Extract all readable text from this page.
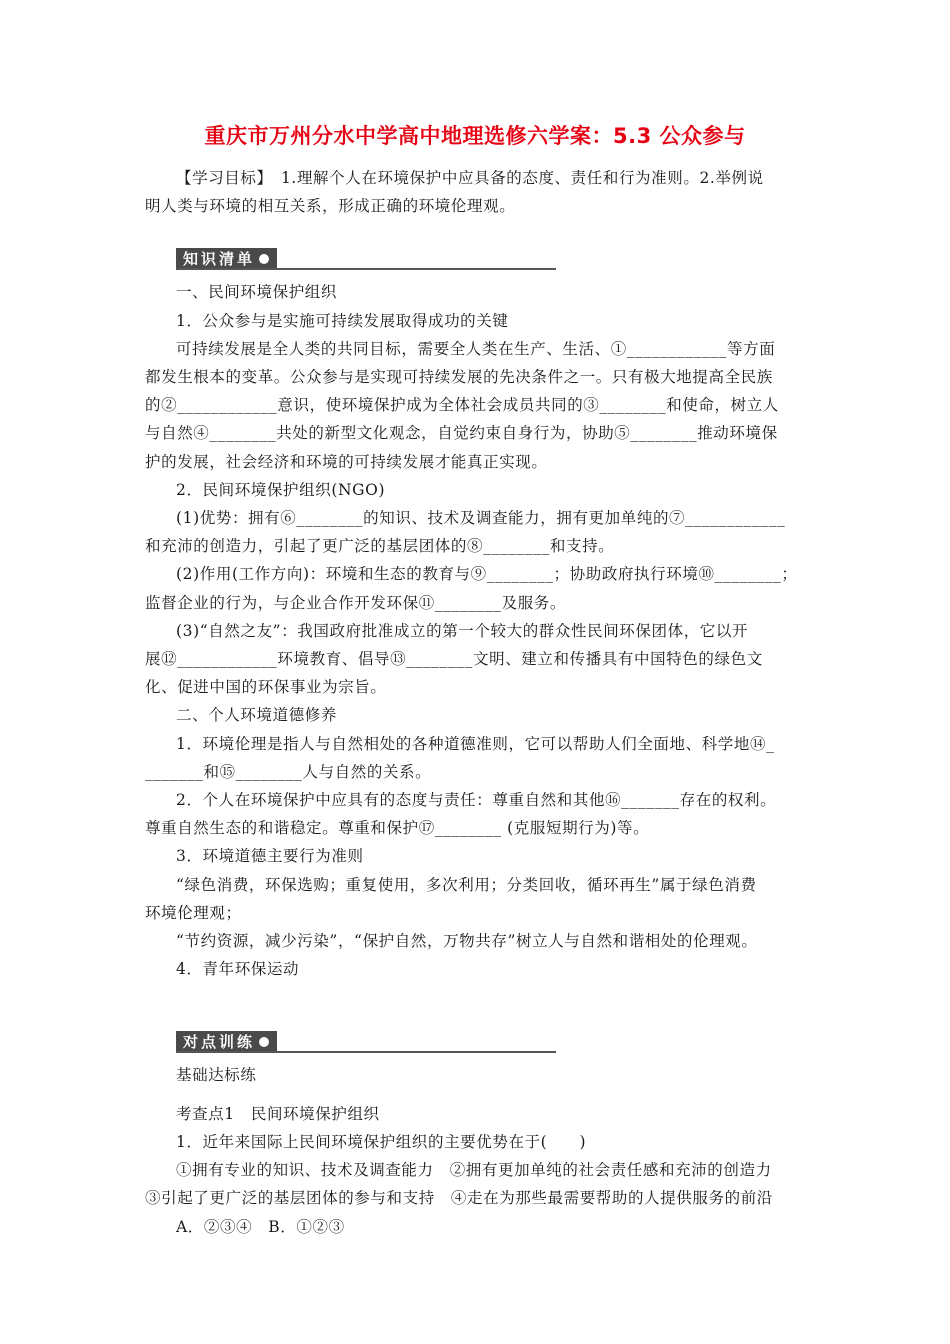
重庆市万州分水中学高中地理选修六学案：5.3 公众参与

【学习目标】　1.理解个人在环境保护中应具备的态度、责任和行为准则。2.举例说

明人类与环境的相互关系，形成正确的环境伦理观。

知识清单

一、民间环境保护组织

1．公众参与是实施可持续发展取得成功的关键

可持续发展是全人类的共同目标，需要全人类在生产、生活、①____________等方面

都发生根本的变革。公众参与是实现可持续发展的先决条件之一。只有极大地提高全民族

的②____________意识，使环境保护成为全体社会成员共同的③________和使命，树立人

与自然④________共处的新型文化观念，自觉约束自身行为，协助⑤________推动环境保

护的发展，社会经济和环境的可持续发展才能真正实现。

2．民间环境保护组织(NGO)

(1)优势：拥有⑥________的知识、技术及调查能力，拥有更加单纯的⑦____________

和充沛的创造力，引起了更广泛的基层团体的⑧________和支持。

(2)作用(工作方向)：环境和生态的教育与⑨________；协助政府执行环境⑩________；

监督企业的行为，与企业合作开发环保⑪________及服务。

(3)“自然之友”：我国政府批准成立的第一个较大的群众性民间环保团体，它以开

展⑫____________环境教育、倡导⑬________文明、建立和传播具有中国特色的绿色文

化、促进中国的环保事业为宗旨。

二、个人环境道德修养

1．环境伦理是指人与自然相处的各种道德准则，它可以帮助人们全面地、科学地⑭_

_______和⑮________人与自然的关系。

2．个人在环境保护中应具有的态度与责任：尊重自然和其他⑯_______存在的权利。

尊重自然生态的和谐稳定。尊重和保护⑰________ (克服短期行为)等。

3．环境道德主要行为准则

“绿色消费，环保选购；重复使用，多次利用；分类回收，循环再生”属于绿色消费

环境伦理观；

“节约资源，减少污染”，“保护自然，万物共存”树立人与自然和谐相处的伦理观。

4．青年环保运动

对点训练

基础达标练

考查点1　民间环境保护组织

1．近年来国际上民间环境保护组织的主要优势在于(　　)

①拥有专业的知识、技术及调查能力　②拥有更加单纯的社会责任感和充沛的创造力

③引起了更广泛的基层团体的参与和支持　④走在为那些最需要帮助的人提供服务的前沿

A．②③④　B．①②③
